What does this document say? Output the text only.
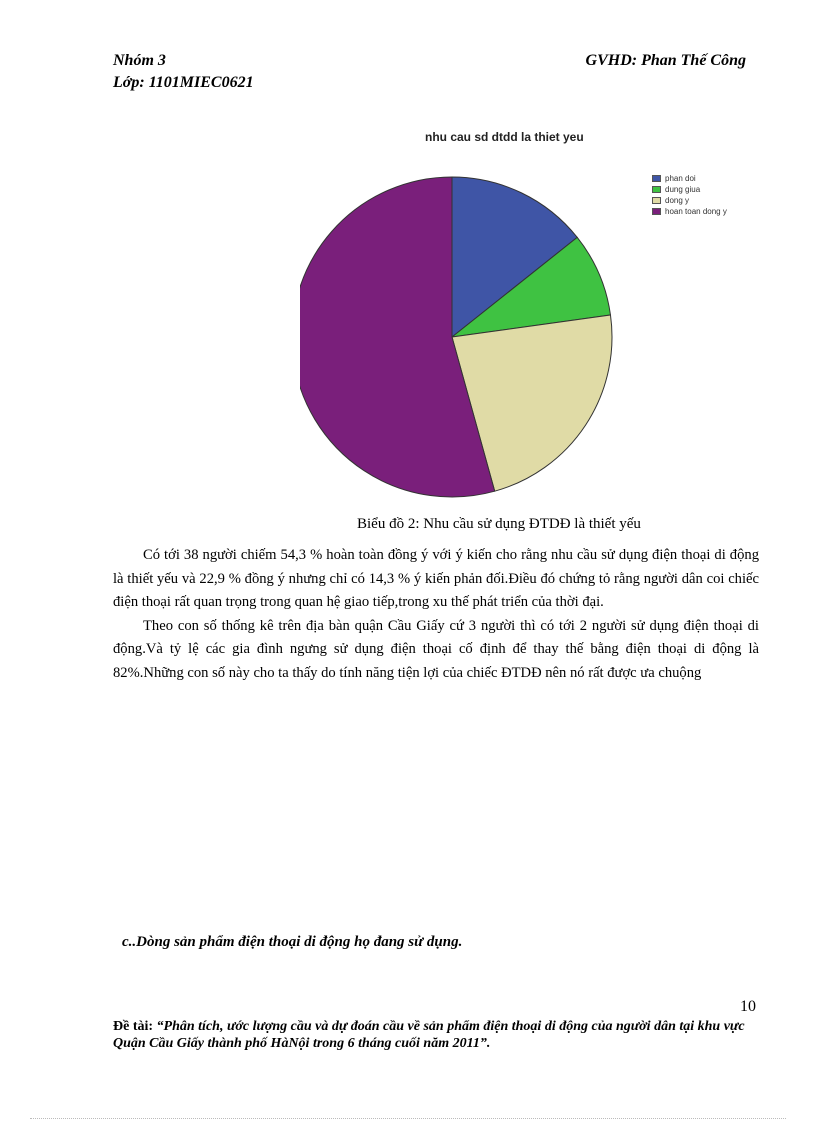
Nhóm 3
Lớp: 1101MIEC0621
GVHD: Phan Thế Công
nhu cau sd dtdd la thiet yeu
phan doi
dung giua
dong y
hoan toan dong y
Biểu đồ 2: Nhu cầu sử dụng ĐTDĐ là thiết yếu

Có tới 38 người chiếm 54,3 % hoàn toàn đồng ý với ý kiến cho rằng nhu cầu sử dụng điện thoại di động là thiết yếu và 22,9 % đồng ý nhưng chỉ có 14,3 % ý kiến phản đối.Điều đó chứng tỏ rằng người dân coi chiếc điện thoại rất quan trọng trong quan hệ giao tiếp,trong xu thế phát triển của thời đại.

Theo con số thống kê trên địa bàn quận Cầu Giấy cứ 3 người thì có tới 2 người sử dụng điện thoại di động.Và tỷ lệ các gia đình ngưng sử dụng điện thoại cố định để thay thế bằng điện thoại di động là 82%.Những con số này cho ta thấy do tính năng tiện lợi của chiếc ĐTDĐ nên nó rất được ưa chuộng

c..Dòng sản phẩm điện thoại di động họ đang sử dụng.
10
Đề tài: “Phân tích, ước lượng cầu và dự đoán cầu về sản phẩm điện thoại di động của người dân tại khu vực Quận Cầu Giấy thành phố HàNội trong 6 tháng cuối năm 2011”.
